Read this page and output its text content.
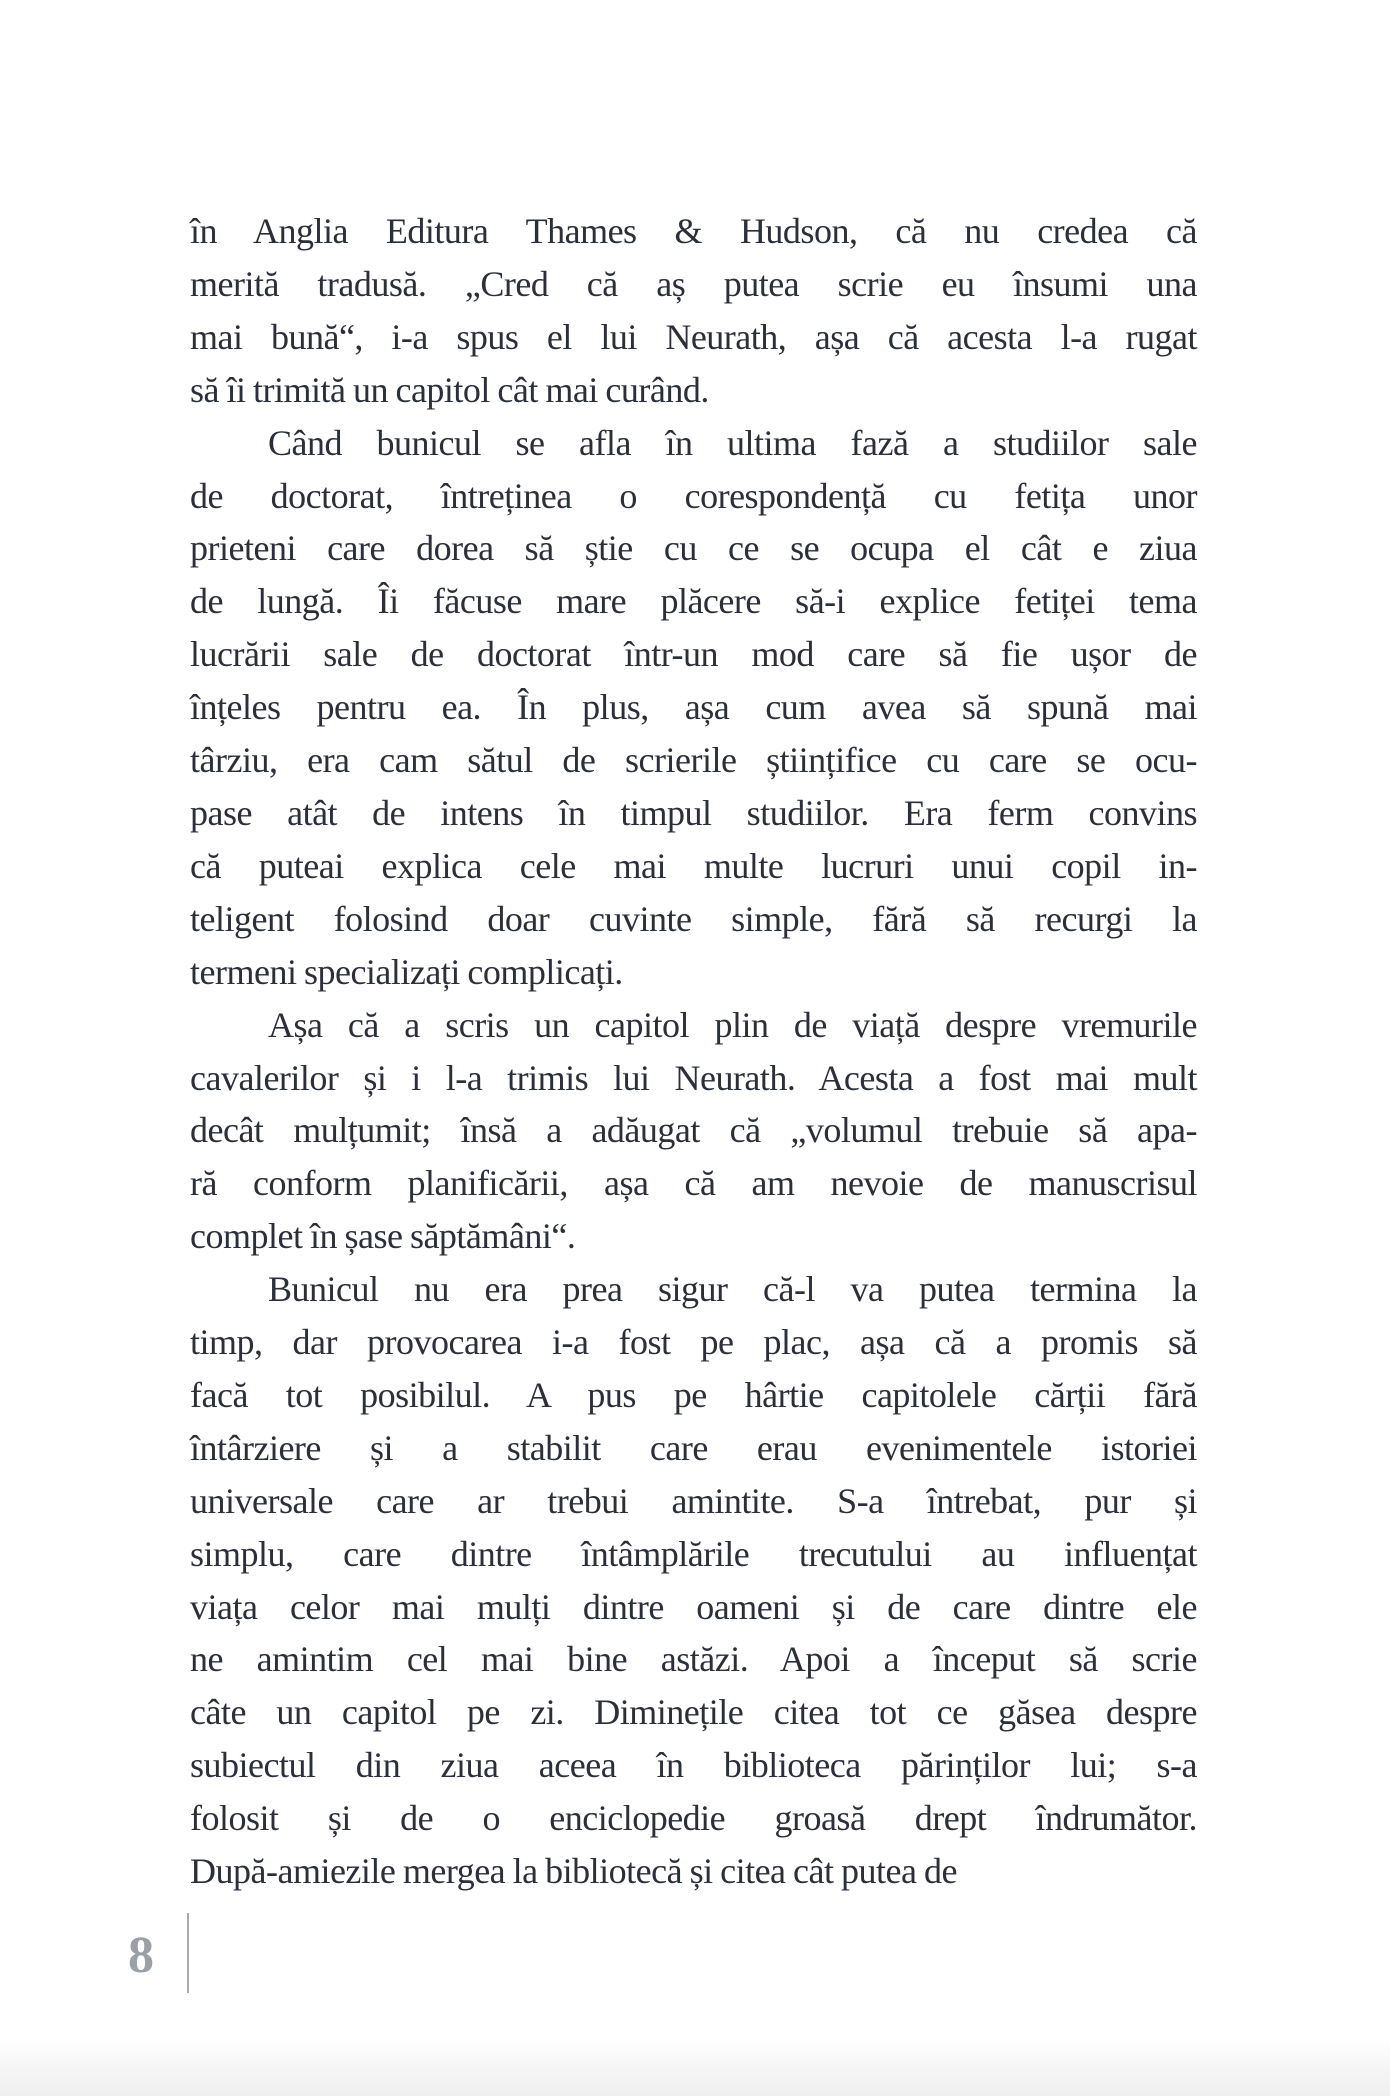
în Anglia Editura Thames & Hudson, că nu credea că
merită tradusă. „Cred că aș putea scrie eu însumi una
mai bună“, i-a spus el lui Neurath, așa că acesta l-a rugat
să îi trimită un capitol cât mai curând.
Când bunicul se afla în ultima fază a studiilor sale
de doctorat, întreținea o corespondență cu fetița unor
prieteni care dorea să știe cu ce se ocupa el cât e ziua
de lungă. Îi făcuse mare plăcere să-i explice fetiței tema
lucrării sale de doctorat într-un mod care să fie ușor de
înțeles pentru ea. În plus, așa cum avea să spună mai
târziu, era cam sătul de scrierile științifice cu care se ocu-
pase atât de intens în timpul studiilor. Era ferm convins
că puteai explica cele mai multe lucruri unui copil in-
teligent folosind doar cuvinte simple, fără să recurgi la
termeni specializați complicați.
Așa că a scris un capitol plin de viață despre vremurile
cavalerilor și i l-a trimis lui Neurath. Acesta a fost mai mult
decât mulțumit; însă a adăugat că „volumul trebuie să apa-
ră conform planificării, așa că am nevoie de manuscrisul
complet în șase săptămâni“.
Bunicul nu era prea sigur că-l va putea termina la
timp, dar provocarea i-a fost pe plac, așa că a promis să
facă tot posibilul. A pus pe hârtie capitolele cărții fără
întârziere și a stabilit care erau evenimentele istoriei
universale care ar trebui amintite. S-a întrebat, pur și
simplu, care dintre întâmplările trecutului au influențat
viața celor mai mulți dintre oameni și de care dintre ele
ne amintim cel mai bine astăzi. Apoi a început să scrie
câte un capitol pe zi. Diminețile citea tot ce găsea despre
subiectul din ziua aceea în biblioteca părinților lui; s-a
folosit și de o enciclopedie groasă drept îndrumător.
După-amiezile mergea la bibliotecă și citea cât putea de
8
